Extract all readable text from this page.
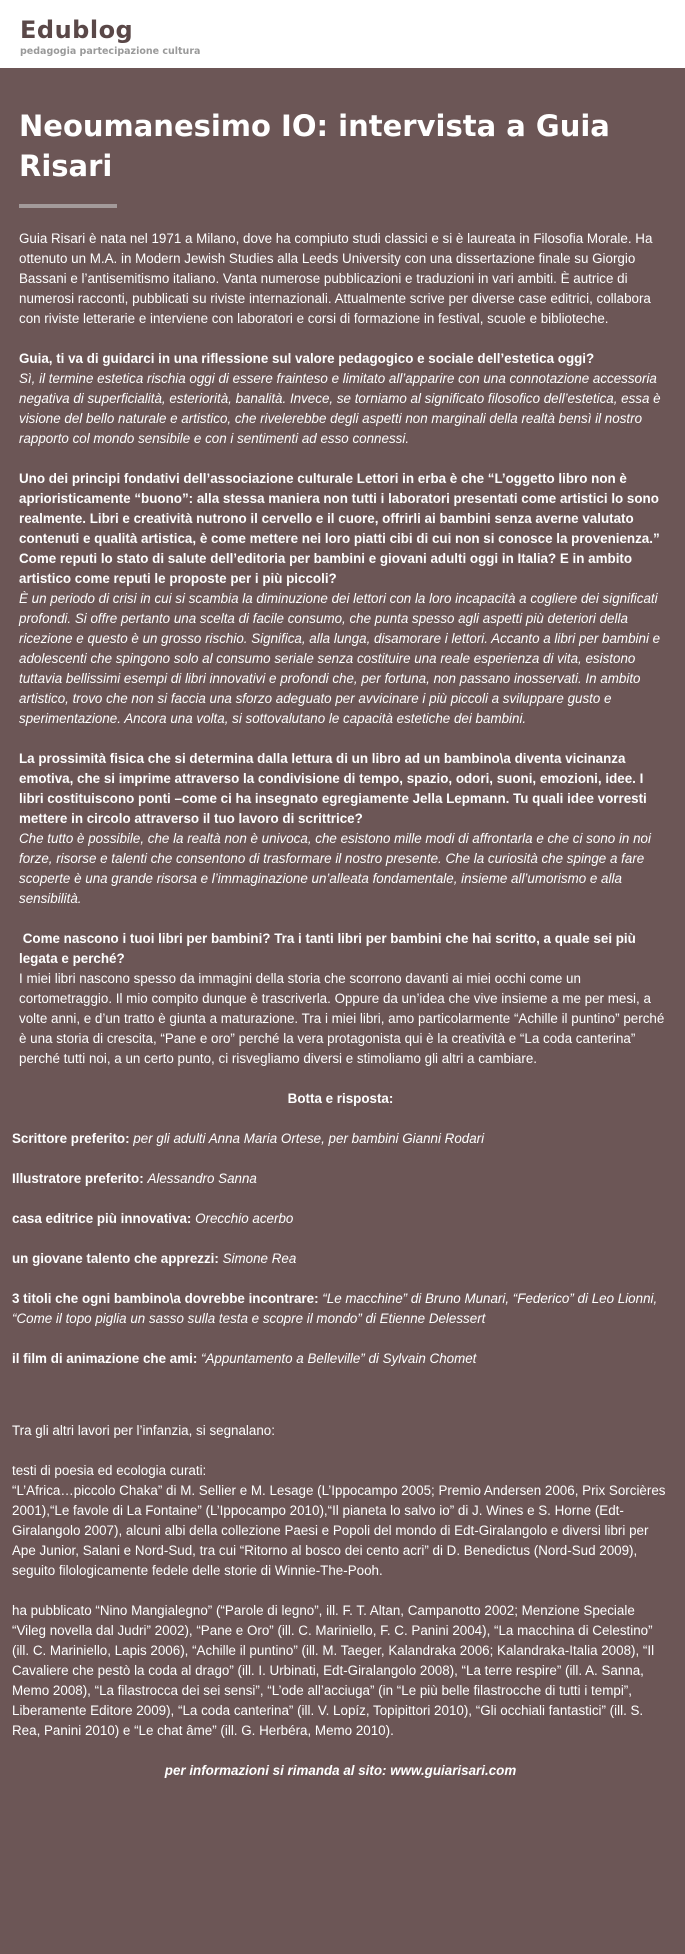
Edublog
pedagogia partecipazione cultura
Neoumanesimo IO: intervista a Guia Risari

Guia Risari è nata nel 1971 a Milano, dove ha compiuto studi classici e si è laureata in Filosofia Morale. Ha ottenuto un M.A. in Modern Jewish Studies alla Leeds University con una dissertazione finale su Giorgio Bassani e l’antisemitismo italiano. Vanta numerose pubblicazioni e traduzioni in vari ambiti. È autrice di numerosi racconti, pubblicati su riviste internazionali. Attualmente scrive per diverse case editrici, collabora con riviste letterarie e interviene con laboratori e corsi di formazione in festival, scuole e biblioteche.

Guia, ti va di guidarci in una riflessione sul valore pedagogico e sociale dell’estetica oggi?
Sì, il termine estetica rischia oggi di essere frainteso e limitato all’apparire con una connotazione accessoria negativa di superficialità, esteriorità, banalità. Invece, se torniamo al significato filosofico dell’estetica, essa è visione del bello naturale e artistico, che rivelerebbe degli aspetti non marginali della realtà bensì il nostro rapporto col mondo sensibile e con i sentimenti ad esso connessi.

Uno dei principi fondativi dell’associazione culturale Lettori in erba è che “L’oggetto libro non è aprioristicamente “buono”: alla stessa maniera non tutti i laboratori presentati come artistici lo sono realmente. Libri e creatività nutrono il cervello e il cuore, offrirli ai bambini senza averne valutato contenuti e qualità artistica, è come mettere nei loro piatti cibi di cui non si conosce la provenienza.” Come reputi lo stato di salute dell’editoria per bambini e giovani adulti oggi in Italia? E in ambito artistico come reputi le proposte per i più piccoli?
È un periodo di crisi in cui si scambia la diminuzione dei lettori con la loro incapacità a cogliere dei significati profondi. Si offre pertanto una scelta di facile consumo, che punta spesso agli aspetti più deteriori della ricezione e questo è un grosso rischio. Significa, alla lunga, disamorare i lettori. Accanto a libri per bambini e adolescenti che spingono solo al consumo seriale senza costituire una reale esperienza di vita, esistono tuttavia bellissimi esempi di libri innovativi e profondi che, per fortuna, non passano inosservati. In ambito artistico, trovo che non si faccia una sforzo adeguato per avvicinare i più piccoli a sviluppare gusto e sperimentazione. Ancora una volta, si sottovalutano le capacità estetiche dei bambini.

La prossimità fisica che si determina dalla lettura di un libro ad un bambino\a diventa vicinanza emotiva, che si imprime attraverso la condivisione di tempo, spazio, odori, suoni, emozioni, idee. I libri costituiscono ponti –come ci ha insegnato egregiamente Jella Lepmann. Tu quali idee vorresti mettere in circolo attraverso il tuo lavoro di scrittrice?
Che tutto è possibile, che la realtà non è univoca, che esistono mille modi di affrontarla e che ci sono in noi forze, risorse e talenti che consentono di trasformare il nostro presente. Che la curiosità che spinge a fare scoperte è una grande risorsa e l’immaginazione un’alleata fondamentale, insieme all’umorismo e alla sensibilità.

Come nascono i tuoi libri per bambini? Tra i tanti libri per bambini che hai scritto, a quale sei più legata e perché?
I miei libri nascono spesso da immagini della storia che scorrono davanti ai miei occhi come un cortometraggio. Il mio compito dunque è trascriverla. Oppure da un’idea che vive insieme a me per mesi, a volte anni, e d’un tratto è giunta a maturazione. Tra i miei libri, amo particolarmente “Achille il puntino” perché è una storia di crescita, “Pane e oro” perché la vera protagonista qui è la creatività e “La coda canterina” perché tutti noi, a un certo punto, ci risvegliamo diversi e stimoliamo gli altri a cambiare.

Botta e risposta:

Scrittore preferito: per gli adulti Anna Maria Ortese, per bambini Gianni Rodari

Illustratore preferito: Alessandro Sanna

casa editrice più innovativa: Orecchio acerbo

un giovane talento che apprezzi: Simone Rea

3 titoli che ogni bambino\a dovrebbe incontrare: “Le macchine” di Bruno Munari, “Federico” di Leo Lionni, “Come il topo piglia un sasso sulla testa e scopre il mondo” di Etienne Delessert

il film di animazione che ami: “Appuntamento a Belleville” di Sylvain Chomet

Tra gli altri lavori per l’infanzia, si segnalano:

testi di poesia ed ecologia curati:
“L’Africa…piccolo Chaka” di M. Sellier e M. Lesage (L’Ippocampo 2005; Premio Andersen 2006, Prix Sorcières 2001),“Le favole di La Fontaine” (L’Ippocampo 2010),“Il pianeta lo salvo io” di J. Wines e S. Horne (Edt-Giralangolo 2007), alcuni albi della collezione Paesi e Popoli del mondo di Edt-Giralangolo e diversi libri per Ape Junior, Salani e Nord-Sud, tra cui “Ritorno al bosco dei cento acri” di D. Benedictus (Nord-Sud 2009), seguito filologicamente fedele delle storie di Winnie-The-Pooh.

ha pubblicato “Nino Mangialegno” (“Parole di legno”, ill. F. T. Altan, Campanotto 2002; Menzione Speciale “Vileg novella dal Judri” 2002), “Pane e Oro” (ill. C. Mariniello, F. C. Panini 2004), “La macchina di Celestino” (ill. C. Mariniello, Lapis 2006), “Achille il puntino” (ill. M. Taeger, Kalandraka 2006; Kalandraka-Italia 2008), “Il Cavaliere che pestò la coda al drago” (ill. I. Urbinati, Edt-Giralangolo 2008), “La terre respire” (ill. A. Sanna, Memo 2008), “La filastrocca dei sei sensi”, “L’ode all’acciuga” (in “Le più belle filastrocche di tutti i tempi”, Liberamente Editore 2009), “La coda canterina” (ill. V. Lopíz, Topipittori 2010), “Gli occhiali fantastici” (ill. S. Rea, Panini 2010) e “Le chat âme” (ill. G. Herbéra, Memo 2010).

per informazioni si rimanda al sito: www.guiarisari.com
